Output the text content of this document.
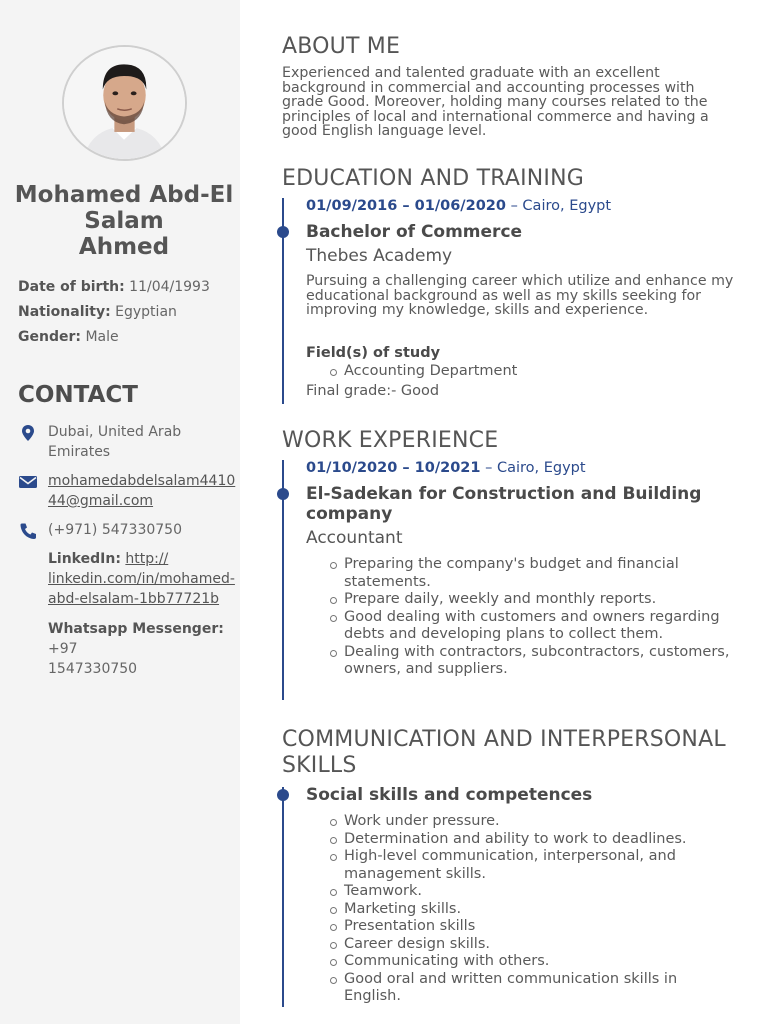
Mohamed Abd-El
Salam
Ahmed
Date of birth: 11/04/1993
Nationality: Egyptian
Gender: Male
CONTACT
Dubai, United Arab
Emirates
mohamedabdelsalam4410
44@gmail.com
(+971) 547330750
LinkedIn: http://
linkedin.com/in/mohamed-
abd-elsalam-1bb77721b
Whatsapp Messenger: +97
1547330750
ABOUT ME
Experienced and talented graduate with an excellent background in commercial and accounting processes with grade Good. Moreover, holding many courses related to the principles of local and international commerce and having a good English language level.
EDUCATION AND TRAINING
01/09/2016 – 01/06/2020 – Cairo, Egypt
Bachelor of Commerce
Thebes Academy
Pursuing a challenging career which utilize and enhance my educational background as well as my skills seeking for improving my knowledge, skills and experience.
Field(s) of study
Accounting Department
Final grade:- Good
WORK EXPERIENCE
01/10/2020 – 10/2021 – Cairo, Egypt
El-Sadekan for Construction and Building
company
Accountant
Preparing the company's budget and financial
statements.
Prepare daily, weekly and monthly reports.
Good dealing with customers and owners regarding
debts and developing plans to collect them.
Dealing with contractors, subcontractors, customers,
owners, and suppliers.
COMMUNICATION AND INTERPERSONAL
SKILLS
Social skills and competences
Work under pressure.
Determination and ability to work to deadlines.
High-level communication, interpersonal, and
management skills.
Teamwork.
Marketing skills.
Presentation skills
Career design skills.
Communicating with others.
Good oral and written communication skills in
English.
